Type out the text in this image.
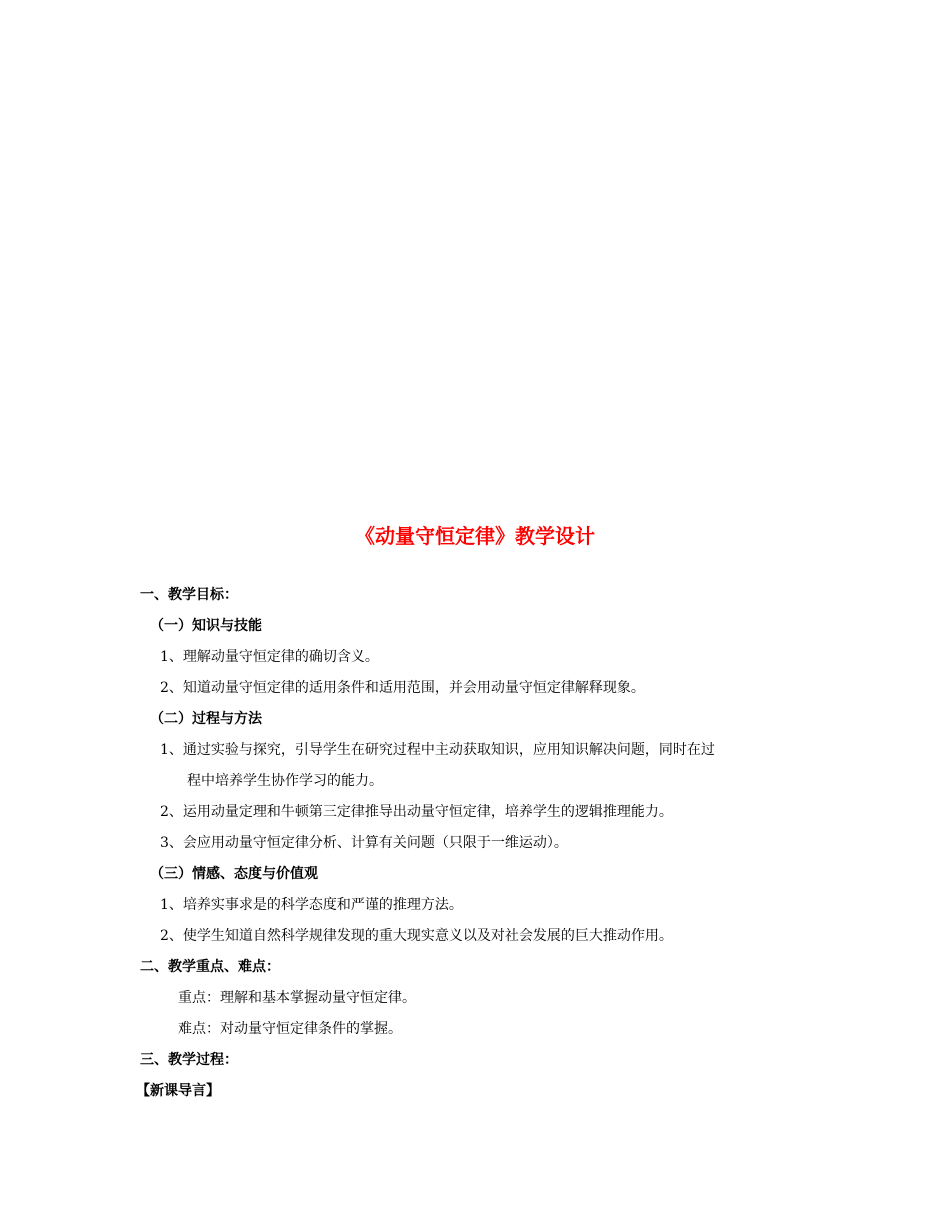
《动量守恒定律》教学设计

一、教学目标：

（一）知识与技能

1、理解动量守恒定律的确切含义。

2、知道动量守恒定律的适用条件和适用范围，并会用动量守恒定律解释现象。

（二）过程与方法

1、通过实验与探究，引导学生在研究过程中主动获取知识，应用知识解决问题，同时在过

程中培养学生协作学习的能力。

2、运用动量定理和牛顿第三定律推导出动量守恒定律，培养学生的逻辑推理能力。

3、会应用动量守恒定律分析、计算有关问题（只限于一维运动）。

（三）情感、态度与价值观

1、培养实事求是的科学态度和严谨的推理方法。

2、使学生知道自然科学规律发现的重大现实意义以及对社会发展的巨大推动作用。

二、教学重点、难点：

重点：理解和基本掌握动量守恒定律。

难点：对动量守恒定律条件的掌握。

三、教学过程：

【新课导言】
